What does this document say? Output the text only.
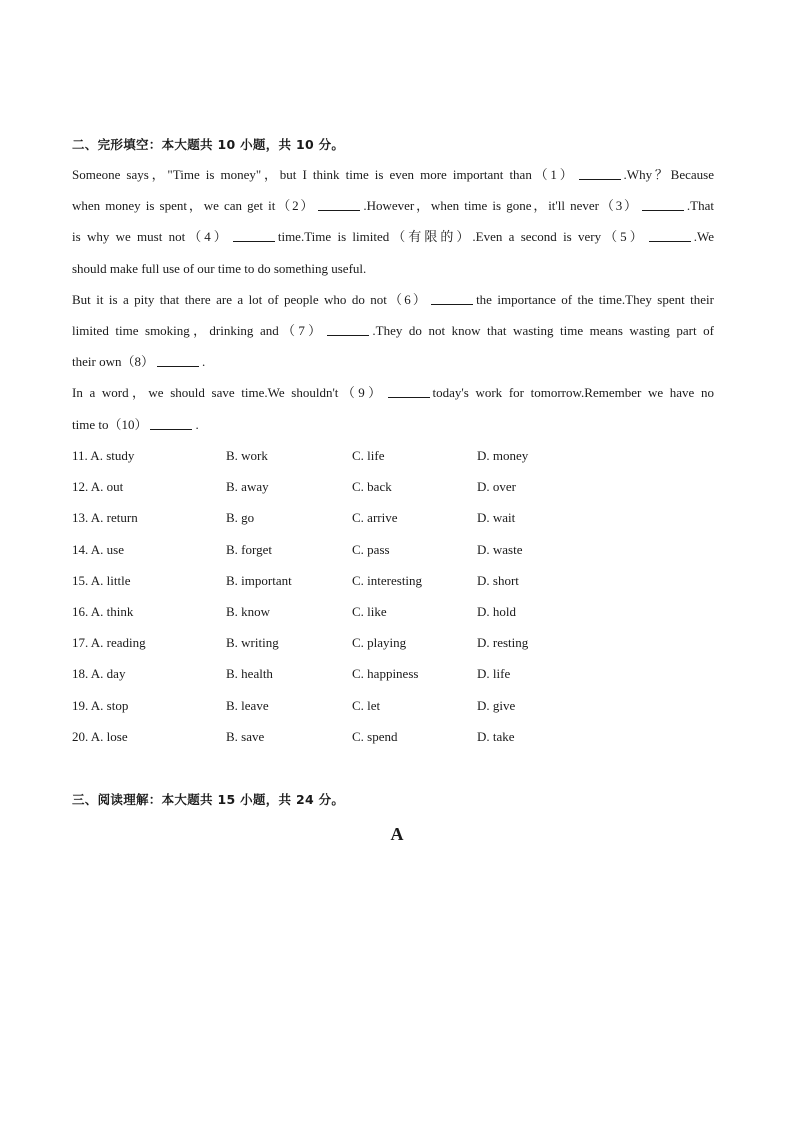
二、完形填空：本大题共 10 小题，共 10 分。
Someone says，"Time is money"，but I think time is even more important than（1）	.Why？Because
when money is spent，we can get it（2）	.However，when time is gone，it'll never（3）	.That
is why we must not（4）	time.Time is limited（有限的）.Even a second is very（5）	.We
should make full use of our time to do something useful.
But it is a pity that there are a lot of people who do not（6）	the importance of the time.They spent their
limited time smoking，drinking and（7）	.They do not know that wasting time means wasting part of
their own（8）	.
In a word，we should save time.We shouldn't（9）	today's work for tomorrow.Remember we have no
time to（10）	.
11. A. study	B. work	C. life	D. money
12. A. out	B. away	C. back	D. over
13. A. return	B. go	C. arrive	D. wait
14. A. use	B. forget	C. pass	D. waste
15. A. little	B. important	C. interesting	D. short
16. A. think	B. know	C. like	D. hold
17. A. reading	B. writing	C. playing	D. resting
18. A. day	B. health	C. happiness	D. life
19. A. stop	B. leave	C. let	D. give
20. A. lose	B. save	C. spend	D. take
三、阅读理解：本大题共 15 小题，共 24 分。
A
